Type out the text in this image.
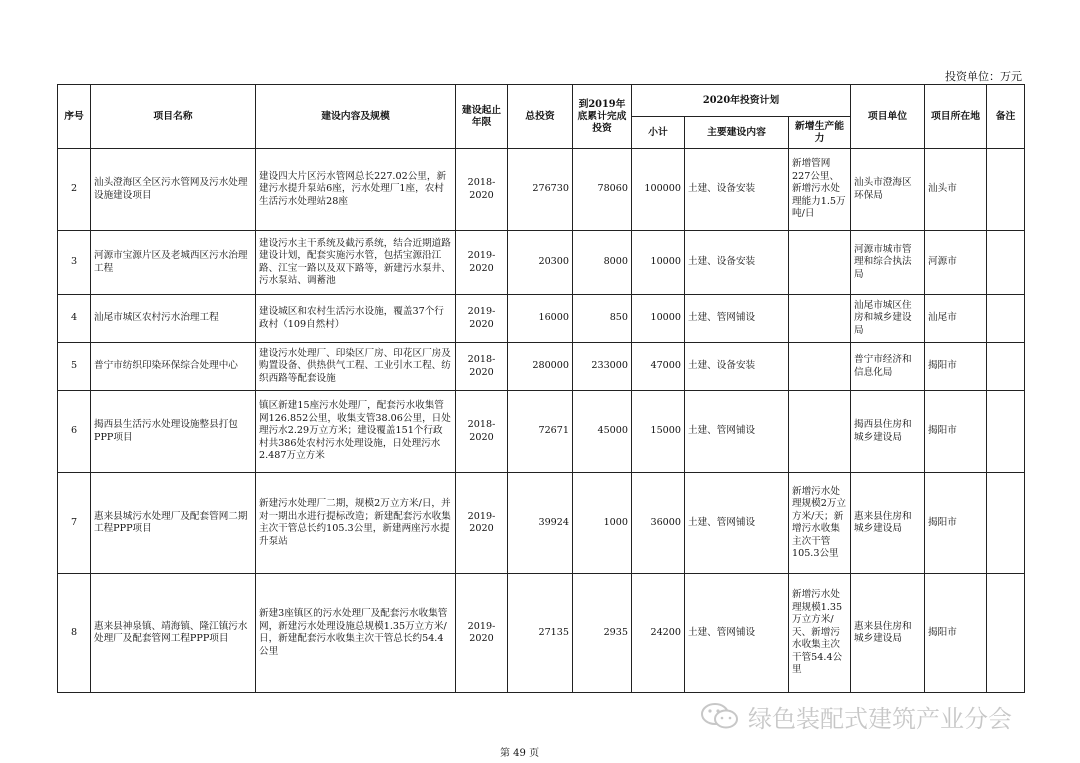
投资单位：万元
序号	项目名称	建设内容及规模	建设起止年限	总投资	到2019年底累计完成投资	2020年投资计划			项目单位	项目所在地	备注
						小计	主要建设内容	新增生产能力			
2	汕头澄海区全区污水管网及污水处理设施建设项目	建设四大片区污水管网总长227.02公里，新建污水提升泵站6座，污水处理厂1座，农村生活污水处理站28座	2018-2020	276730	78060	100000	土建、设备安装	新增管网227公里、新增污水处理能力1.5万吨/日	汕头市澄海区环保局	汕头市	
3	河源市宝源片区及老城西区污水治理工程	建设污水主干系统及截污系统，结合近期道路建设计划，配套实施污水管，包括宝源沿江路、江宝一路以及双下路等，新建污水泵井、污水泵站、调蓄池	2019-2020	20300	8000	10000	土建、设备安装		河源市城市管理和综合执法局	河源市	
4	汕尾市城区农村污水治理工程	建设城区和农村生活污水设施，覆盖37个行政村（109自然村）	2019-2020	16000	850	10000	土建、管网铺设		汕尾市城区住房和城乡建设局	汕尾市	
5	普宁市纺织印染环保综合处理中心	建设污水处理厂、印染区厂房、印花区厂房及购置设备、供热供气工程、工业引水工程、纺织西路等配套设施	2018-2020	280000	233000	47000	土建、设备安装		普宁市经济和信息化局	揭阳市	
6	揭西县生活污水处理设施整县打包PPP项目	镇区新建15座污水处理厂，配套污水收集管网126.852公里，收集支管38.06公里，日处理污水2.29万立方米；建设覆盖151个行政村共386处农村污水处理设施，日处理污水2.487万立方米	2018-2020	72671	45000	15000	土建、管网铺设		揭西县住房和城乡建设局	揭阳市	
7	惠来县城污水处理厂及配套管网二期工程PPP项目	新建污水处理厂二期，规模2万立方米/日，并对一期出水进行提标改造；新建配套污水收集主次干管总长约105.3公里，新建两座污水提升泵站	2019-2020	39924	1000	36000	土建、管网铺设	新增污水处理规模2万立方米/天；新增污水收集主次干管105.3公里	惠来县住房和城乡建设局	揭阳市	
8	惠来县神泉镇、靖海镇、隆江镇污水处理厂及配套管网工程PPP项目	新建3座镇区的污水处理厂及配套污水收集管网，新建污水处理设施总规模1.35万立方米/日，新建配套污水收集主次干管总长约54.4公里	2019-2020	27135	2935	24200	土建、管网铺设	新增污水处理规模1.35万立方米/天、新增污水收集主次干管54.4公里	惠来县住房和城乡建设局	揭阳市	
绿色装配式建筑产业分会
第 49 页
